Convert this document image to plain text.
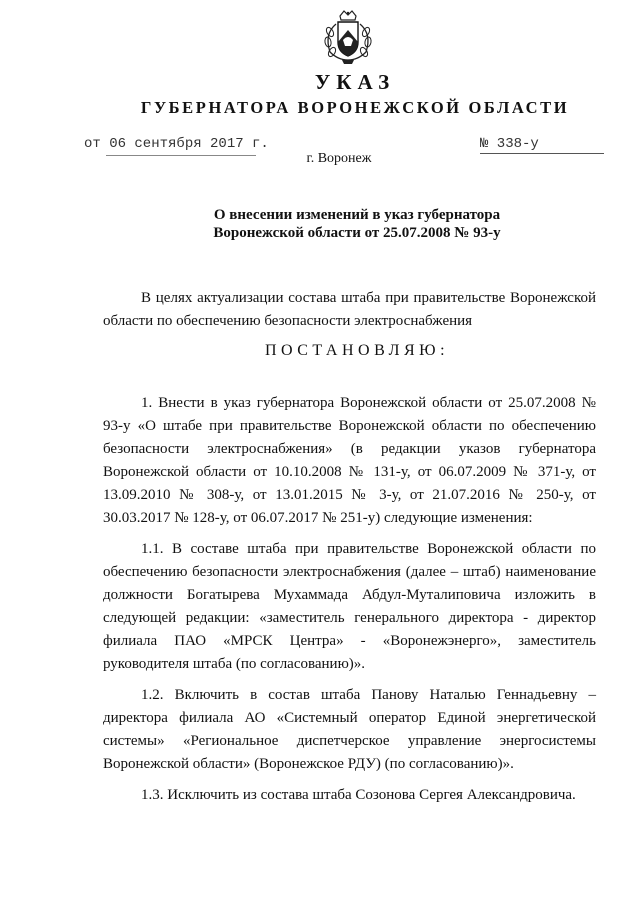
УКАЗ
ГУБЕРНАТОРА ВОРОНЕЖСКОЙ ОБЛАСТИ
от 06 сентября 2017 г.	№ 338-у
г. Воронеж
О внесении изменений в указ губернатора
Воронежской области от 25.07.2008 № 93-у

В целях актуализации состава штаба при правительстве Воронежской области по обеспечению безопасности электроснабжения

ПОСТАНОВЛЯЮ:

1. Внести в указ губернатора Воронежской области от 25.07.2008 № 93-у «О штабе при правительстве Воронежской области по обеспечению безопасности электроснабжения» (в редакции указов губернатора Воронежской области от 10.10.2008 № 131-у, от 06.07.2009 № 371-у, от 13.09.2010 № 308-у, от 13.01.2015 № 3-у, от 21.07.2016 № 250-у, от 30.03.2017 № 128-у, от 06.07.2017 № 251-у) следующие изменения:

1.1. В составе штаба при правительстве Воронежской области по обеспечению безопасности электроснабжения (далее – штаб) наименование должности Богатырева Мухаммада Абдул-Муталиповича изложить в следующей редакции: «заместитель генерального директора - директор филиала ПАО «МРСК Центра» - «Воронежэнерго», заместитель руководителя штаба (по согласованию)».

1.2. Включить в состав штаба Панову Наталью Геннадьевну – директора филиала АО «Системный оператор Единой энергетической системы» «Региональное диспетчерское управление энергосистемы Воронежской области» (Воронежское РДУ) (по согласованию)».

1.3. Исключить из состава штаба Созонова Сергея Александровича.
